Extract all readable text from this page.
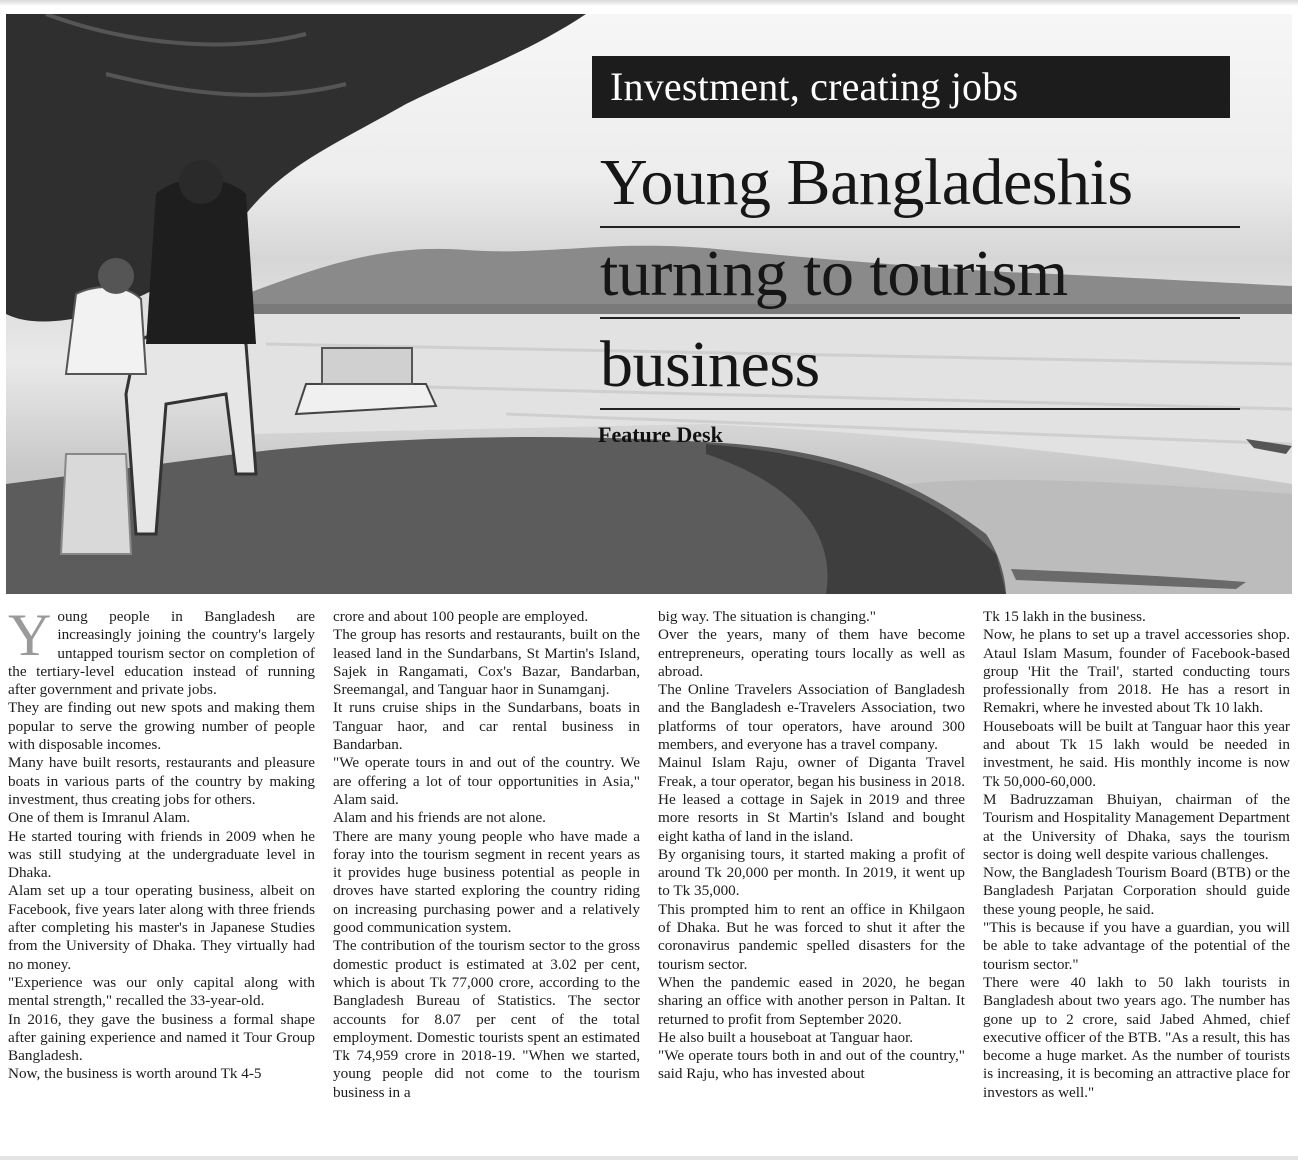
Investment, creating jobs
Young Bangladeshis
turning to tourism
business
Feature Desk
Y oung people in Bangladesh are increasingly joining the country's largely untapped tourism sector on completion of the tertiary-level education instead of running after government and private jobs.

They are finding out new spots and making them popular to serve the growing number of people with disposable incomes.

Many have built resorts, restaurants and pleasure boats in various parts of the country by making investment, thus creating jobs for others.

One of them is Imranul Alam.

He started touring with friends in 2009 when he was still studying at the undergraduate level in Dhaka.

Alam set up a tour operating business, albeit on Facebook, five years later along with three friends after completing his master's in Japanese Studies from the University of Dhaka. They virtually had no money.

"Experience was our only capital along with mental strength," recalled the 33-year-old.

In 2016, they gave the business a formal shape after gaining experience and named it Tour Group Bangladesh.

Now, the business is worth around Tk 4-5

crore and about 100 people are employed.

The group has resorts and restaurants, built on the leased land in the Sundarbans, St Martin's Island, Sajek in Rangamati, Cox's Bazar, Bandarban, Sreemangal, and Tanguar haor in Sunamganj.

It runs cruise ships in the Sundarbans, boats in Tanguar haor, and car rental business in Bandarban.

"We operate tours in and out of the country. We are offering a lot of tour opportunities in Asia," Alam said.

Alam and his friends are not alone.

There are many young people who have made a foray into the tourism segment in recent years as it provides huge business potential as people in droves have started exploring the country riding on increasing purchasing power and a relatively good communication system.

The contribution of the tourism sector to the gross domestic product is estimated at 3.02 per cent, which is about Tk 77,000 crore, according to the Bangladesh Bureau of Statistics. The sector accounts for 8.07 per cent of the total employment. Domestic tourists spent an estimated Tk 74,959 crore in 2018-19. "When we started, young people did not come to the tourism business in a

big way. The situation is changing."

Over the years, many of them have become entrepreneurs, operating tours locally as well as abroad.

The Online Travelers Association of Bangladesh and the Bangladesh e-Travelers Association, two platforms of tour operators, have around 300 members, and everyone has a travel company.

Mainul Islam Raju, owner of Diganta Travel Freak, a tour operator, began his business in 2018. He leased a cottage in Sajek in 2019 and three more resorts in St Martin's Island and bought eight katha of land in the island.

By organising tours, it started making a profit of around Tk 20,000 per month. In 2019, it went up to Tk 35,000.

This prompted him to rent an office in Khilgaon of Dhaka. But he was forced to shut it after the coronavirus pandemic spelled disasters for the tourism sector.

When the pandemic eased in 2020, he began sharing an office with another person in Paltan. It returned to profit from September 2020.

He also built a houseboat at Tanguar haor.

"We operate tours both in and out of the country," said Raju, who has invested about

Tk 15 lakh in the business.

Now, he plans to set up a travel accessories shop. Ataul Islam Masum, founder of Facebook-based group 'Hit the Trail', started conducting tours professionally from 2018. He has a resort in Remakri, where he invested about Tk 10 lakh.

Houseboats will be built at Tanguar haor this year and about Tk 15 lakh would be needed in investment, he said. His monthly income is now Tk 50,000-60,000.

M Badruzzaman Bhuiyan, chairman of the Tourism and Hospitality Management Department at the University of Dhaka, says the tourism sector is doing well despite various challenges.

Now, the Bangladesh Tourism Board (BTB) or the Bangladesh Parjatan Corporation should guide these young people, he said.

"This is because if you have a guardian, you will be able to take advantage of the potential of the tourism sector."

There were 40 lakh to 50 lakh tourists in Bangladesh about two years ago. The number has gone up to 2 crore, said Jabed Ahmed, chief executive officer of the BTB. "As a result, this has become a huge market. As the number of tourists is increasing, it is becoming an attractive place for investors as well."
